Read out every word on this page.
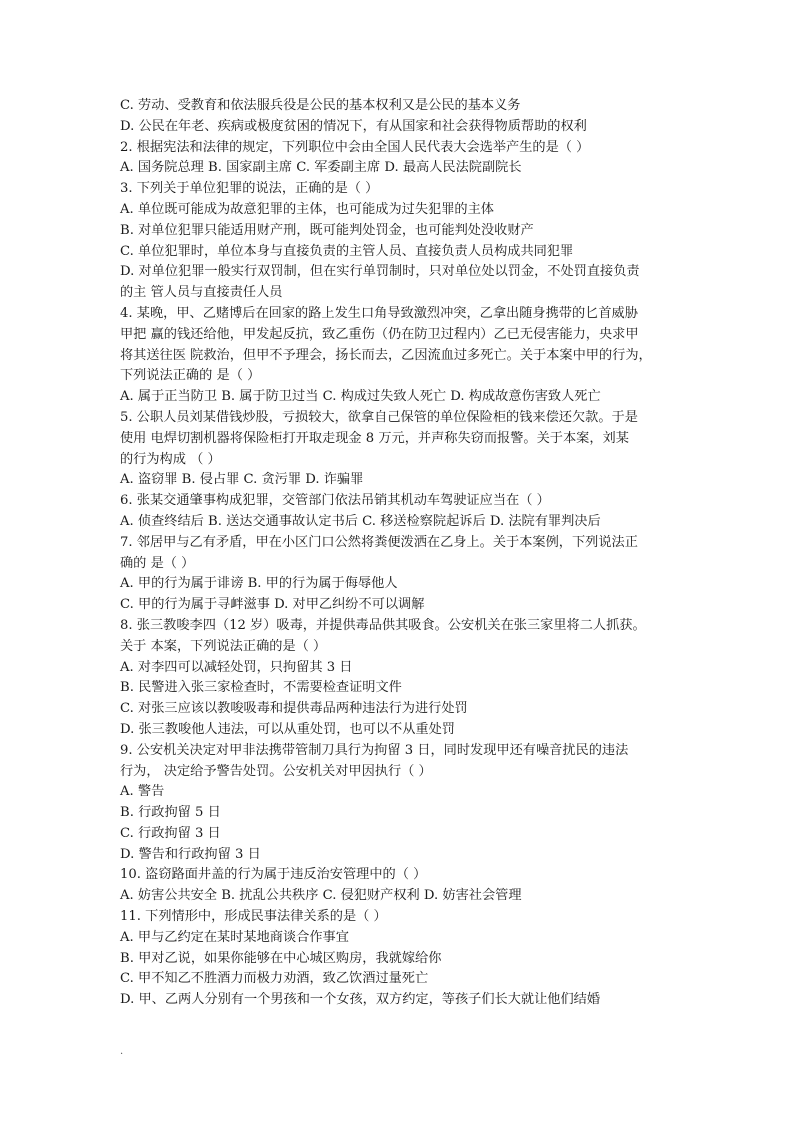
C. 劳动、受教育和依法服兵役是公民的基本权利又是公民的基本义务
D. 公民在年老、疾病或极度贫困的情况下，有从国家和社会获得物质帮助的权利
2. 根据宪法和法律的规定，下列职位中会由全国人民代表大会选举产生的是（ ）
A. 国务院总理 B. 国家副主席 C. 军委副主席 D. 最高人民法院副院长
3. 下列关于单位犯罪的说法，正确的是（ ）
A. 单位既可能成为故意犯罪的主体，也可能成为过失犯罪的主体
B. 对单位犯罪只能适用财产刑，既可能判处罚金，也可能判处没收财产
C. 单位犯罪时，单位本身与直接负责的主管人员、直接负责人员构成共同犯罪
D. 对单位犯罪一般实行双罚制，但在实行单罚制时，只对单位处以罚金，不处罚直接负责
的主 管人员与直接责任人员
4. 某晚，甲、乙赌博后在回家的路上发生口角导致激烈冲突，乙拿出随身携带的匕首威胁
甲把 赢的钱还给他，甲发起反抗，致乙重伤（仍在防卫过程内）乙已无侵害能力，央求甲
将其送往医 院救治，但甲不予理会，扬长而去，乙因流血过多死亡。关于本案中甲的行为，
下列说法正确的 是（ ）
A. 属于正当防卫 B. 属于防卫过当 C. 构成过失致人死亡 D. 构成故意伤害致人死亡
5. 公职人员刘某借钱炒股，亏损较大，欲拿自己保管的单位保险柜的钱来偿还欠款。于是
使用 电焊切割机器将保险柜打开取走现金 8 万元，并声称失窃而报警。关于本案，刘某
的行为构成 （ ）
A. 盗窃罪 B. 侵占罪 C. 贪污罪 D. 诈骗罪
6. 张某交通肇事构成犯罪，交管部门依法吊销其机动车驾驶证应当在（ ）
A. 侦查终结后 B. 送达交通事故认定书后 C. 移送检察院起诉后 D. 法院有罪判决后
7. 邻居甲与乙有矛盾，甲在小区门口公然将粪便泼洒在乙身上。关于本案例，下列说法正
确的 是（ ）
A. 甲的行为属于诽谤 B. 甲的行为属于侮辱他人
C. 甲的行为属于寻衅滋事 D. 对甲乙纠纷不可以调解
8. 张三教唆李四（12 岁）吸毒，并提供毒品供其吸食。公安机关在张三家里将二人抓获。
关于 本案，下列说法正确的是（ ）
A. 对李四可以减轻处罚，只拘留其 3 日
B. 民警进入张三家检查时，不需要检查证明文件
C. 对张三应该以教唆吸毒和提供毒品两种违法行为进行处罚
D. 张三教唆他人违法，可以从重处罚，也可以不从重处罚
9. 公安机关决定对甲非法携带管制刀具行为拘留 3 日，同时发现甲还有噪音扰民的违法
行为， 决定给予警告处罚。公安机关对甲因执行（ ）
A. 警告
B. 行政拘留 5 日
C. 行政拘留 3 日
D. 警告和行政拘留 3 日
10. 盗窃路面井盖的行为属于违反治安管理中的（ ）
A. 妨害公共安全 B. 扰乱公共秩序 C. 侵犯财产权利 D. 妨害社会管理
11. 下列情形中，形成民事法律关系的是（ ）
A. 甲与乙约定在某时某地商谈合作事宜
B. 甲对乙说，如果你能够在中心城区购房，我就嫁给你
C. 甲不知乙不胜酒力而极力劝酒，致乙饮酒过量死亡
D. 甲、乙两人分别有一个男孩和一个女孩，双方约定，等孩子们长大就让他们结婚
.
